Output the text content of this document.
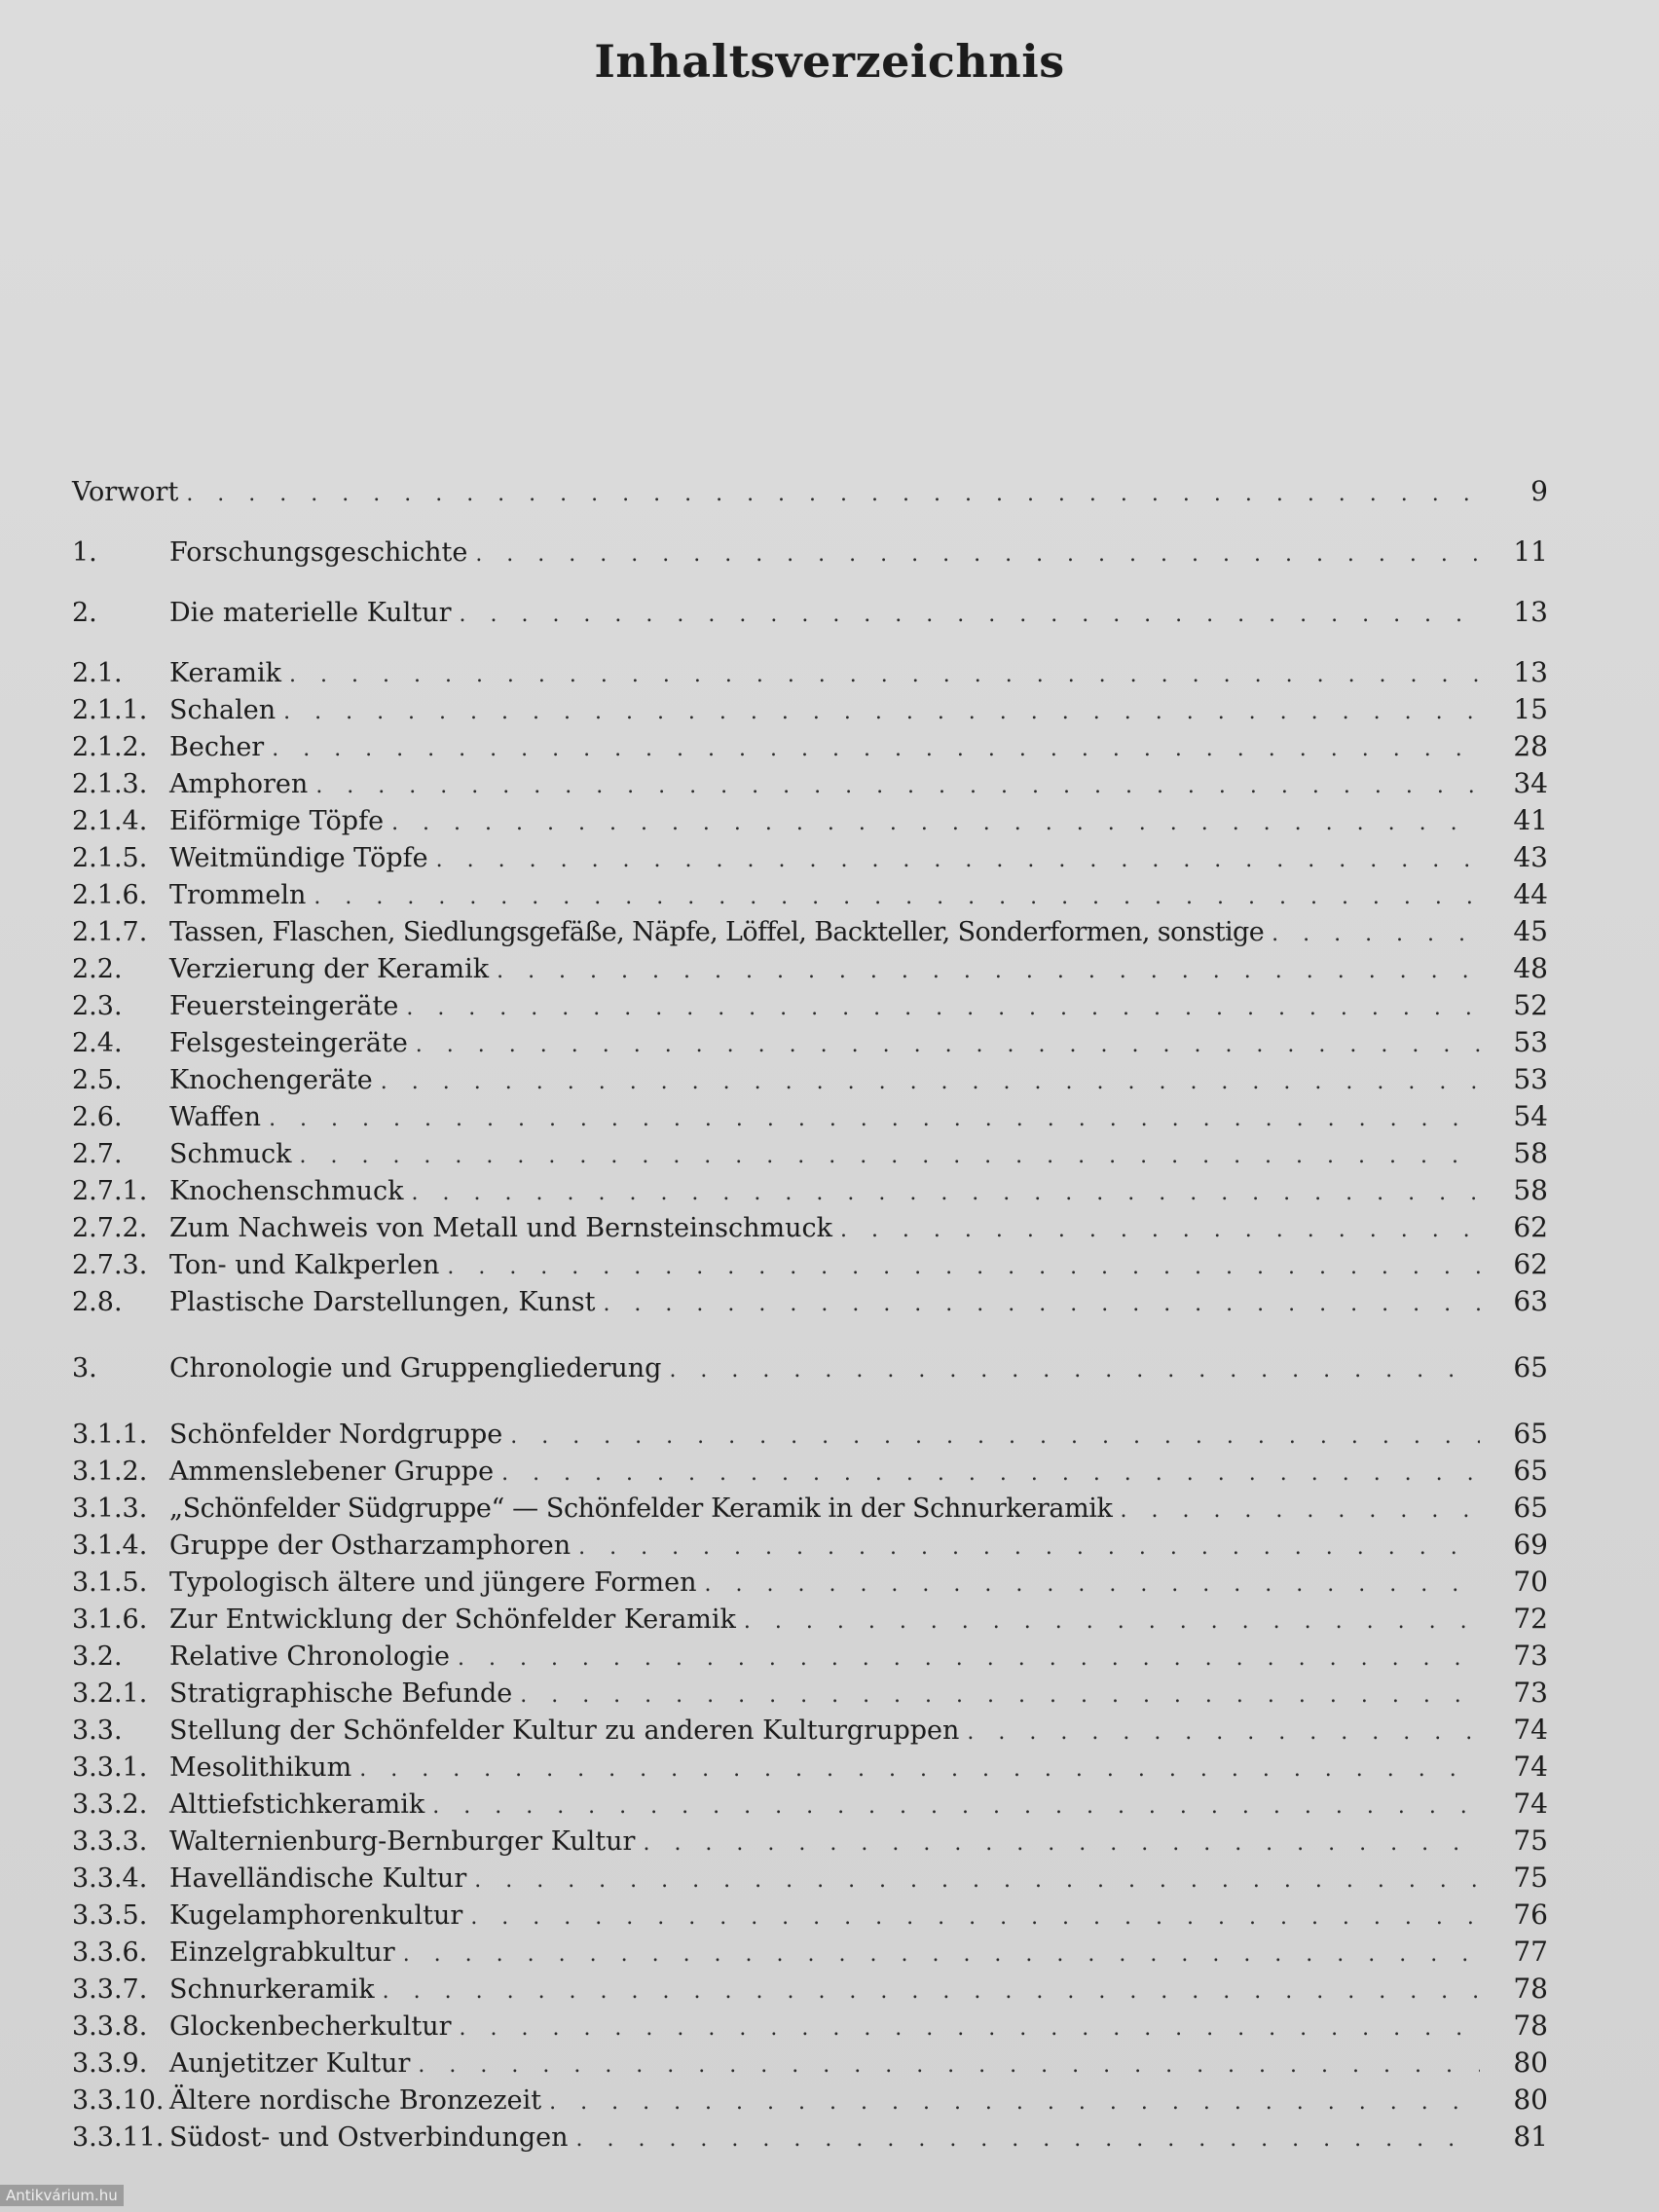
Inhaltsverzeichnis
Vorwort . . .	9
1.	Forschungsgeschichte . . .	11
2.	Die materielle Kultur . . .	13
2.1.	Keramik . . .	13
2.1.1. Schalen . . .	15
2.1.2. Becher . . .	28
2.1.3. Amphoren . . .	34
2.1.4. Eiförmige Töpfe . . .	41
2.1.5. Weitmündige Töpfe . . .	43
2.1.6. Trommeln . . .	44
2.1.7. Tassen, Flaschen, Siedlungsgefäße, Näpfe, Löffel, Backteller, Sonderformen, sonstige . . .	45
2.2.	Verzierung der Keramik . . .	48
2.3.	Feuersteingeräte . . .	52
2.4.	Felsgesteingeräte . . .	53
2.5.	Knochengeräte . . .	53
2.6.	Waffen . . .	54
2.7.	Schmuck . . .	58
2.7.1. Knochenschmuck . . .	58
2.7.2. Zum Nachweis von Metall und Bernsteinschmuck . . .	62
2.7.3. Ton- und Kalkperlen . . .	62
2.8.	Plastische Darstellungen, Kunst . . .	63
3.	Chronologie und Gruppengliederung . . .	65
3.1.1. Schönfelder Nordgruppe . . .	65
3.1.2. Ammenslebener Gruppe . . .	65
3.1.3. „Schönfelder Südgruppe“ — Schönfelder Keramik in der Schnurkeramik . . .	65
3.1.4. Gruppe der Ostharzamphoren . . .	69
3.1.5. Typologisch ältere und jüngere Formen . . .	70
3.1.6. Zur Entwicklung der Schönfelder Keramik . . .	72
3.2.	Relative Chronologie . . .	73
3.2.1. Stratigraphische Befunde . . .	73
3.3.	Stellung der Schönfelder Kultur zu anderen Kulturgruppen . . .	74
3.3.1. Mesolithikum . . .	74
3.3.2. Alttiefstichkeramik . . .	74
3.3.3. Walternienburg-Bernburger Kultur . . .	75
3.3.4. Havelländische Kultur . . .	75
3.3.5. Kugelamphorenkultur . . .	76
3.3.6. Einzelgrabkultur . . .	77
3.3.7. Schnurkeramik . . .	78
3.3.8. Glockenbecherkultur . . .	78
3.3.9. Aunjetitzer Kultur . . .	80
3.3.10. Ältere nordische Bronzezeit . . .	80
3.3.11. Südost- und Ostverbindungen . . .	81
Antikvárium.hu
